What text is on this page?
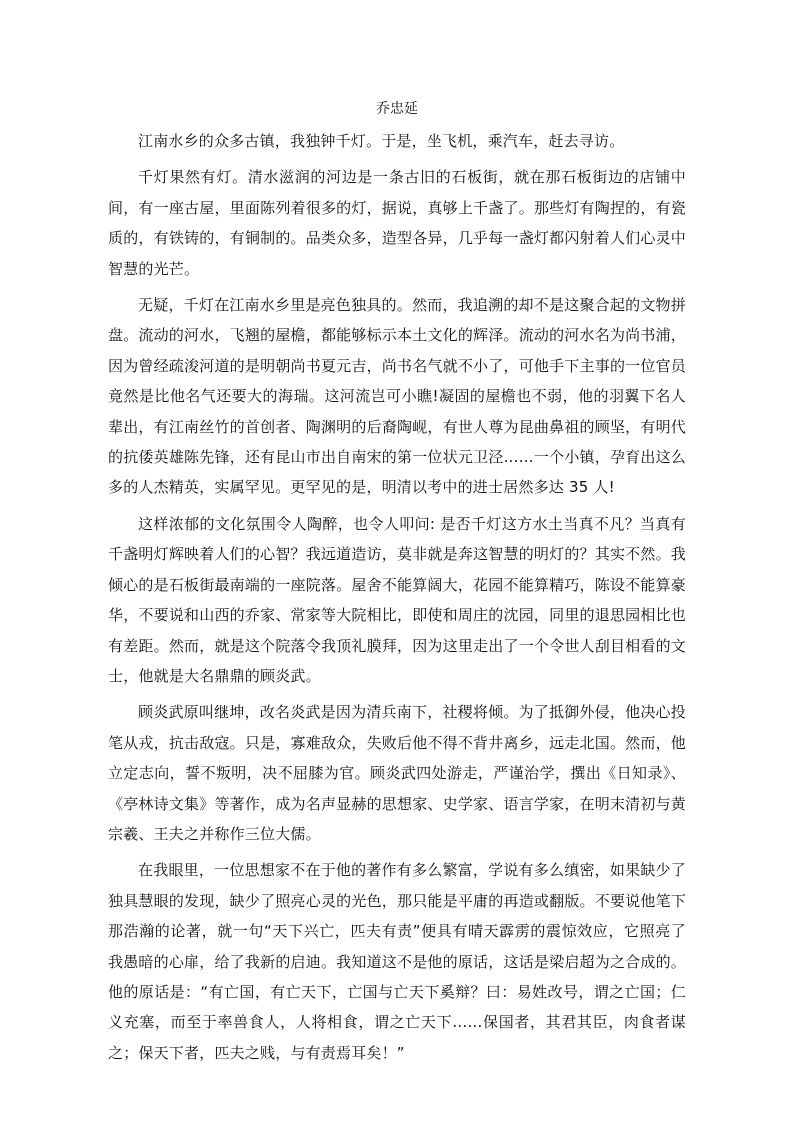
乔忠延

江南水乡的众多古镇，我独钟千灯。于是，坐飞机，乘汽车，赶去寻访。

千灯果然有灯。清水滋润的河边是一条古旧的石板街，就在那石板街边的店铺中间，有一座古屋，里面陈列着很多的灯，据说，真够上千盏了。那些灯有陶捏的，有瓷质的，有铁铸的，有铜制的。品类众多，造型各异，几乎每一盏灯都闪射着人们心灵中智慧的光芒。

无疑，千灯在江南水乡里是亮色独具的。然而，我追溯的却不是这聚合起的文物拼盘。流动的河水，飞翘的屋檐，都能够标示本土文化的辉泽。流动的河水名为尚书浦，因为曾经疏浚河道的是明朝尚书夏元吉，尚书名气就不小了，可他手下主事的一位官员竟然是比他名气还要大的海瑞。这河流岂可小瞧!凝固的屋檐也不弱，他的羽翼下名人辈出，有江南丝竹的首创者、陶渊明的后裔陶岘，有世人尊为昆曲鼻祖的顾坚，有明代的抗倭英雄陈先锋，还有昆山市出自南宋的第一位状元卫泾……一个小镇，孕育出这么多的人杰精英，实属罕见。更罕见的是，明清以考中的进士居然多达 35 人!

这样浓郁的文化氛围令人陶醉，也令人叩问: 是否千灯这方水土当真不凡？当真有千盏明灯辉映着人们的心智？我远道造访，莫非就是奔这智慧的明灯的？其实不然。我倾心的是石板街最南端的一座院落。屋舍不能算阔大，花园不能算精巧，陈设不能算豪华，不要说和山西的乔家、常家等大院相比，即使和周庄的沈园，同里的退思园相比也有差距。然而，就是这个院落令我顶礼膜拜，因为这里走出了一个令世人刮目相看的文士，他就是大名鼎鼎的顾炎武。

顾炎武原叫继坤，改名炎武是因为清兵南下，社稷将倾。为了抵御外侵，他决心投笔从戎，抗击敌寇。只是，寡难敌众，失败后他不得不背井离乡，远走北国。然而，他立定志向，誓不叛明，决不屈膝为官。顾炎武四处游走，严谨治学，撰出《日知录》、《亭林诗文集》等著作，成为名声显赫的思想家、史学家、语言学家，在明末清初与黄宗羲、王夫之并称作三位大儒。

在我眼里，一位思想家不在于他的著作有多么繁富，学说有多么缜密，如果缺少了独具慧眼的发现，缺少了照亮心灵的光色，那只能是平庸的再造或翻版。不要说他笔下那浩瀚的论著，就一句“天下兴亡，匹夫有责”便具有晴天霹雳的震惊效应，它照亮了我愚暗的心扉，给了我新的启迪。我知道这不是他的原话，这话是梁启超为之合成的。他的原话是：“有亡国，有亡天下，亡国与亡天下奚辩？曰：易姓改号，谓之亡国；仁义充塞，而至于率兽食人，人将相食，谓之亡天下……保国者，其君其臣，肉食者谋之；保天下者，匹夫之贱，与有责焉耳矣！”
